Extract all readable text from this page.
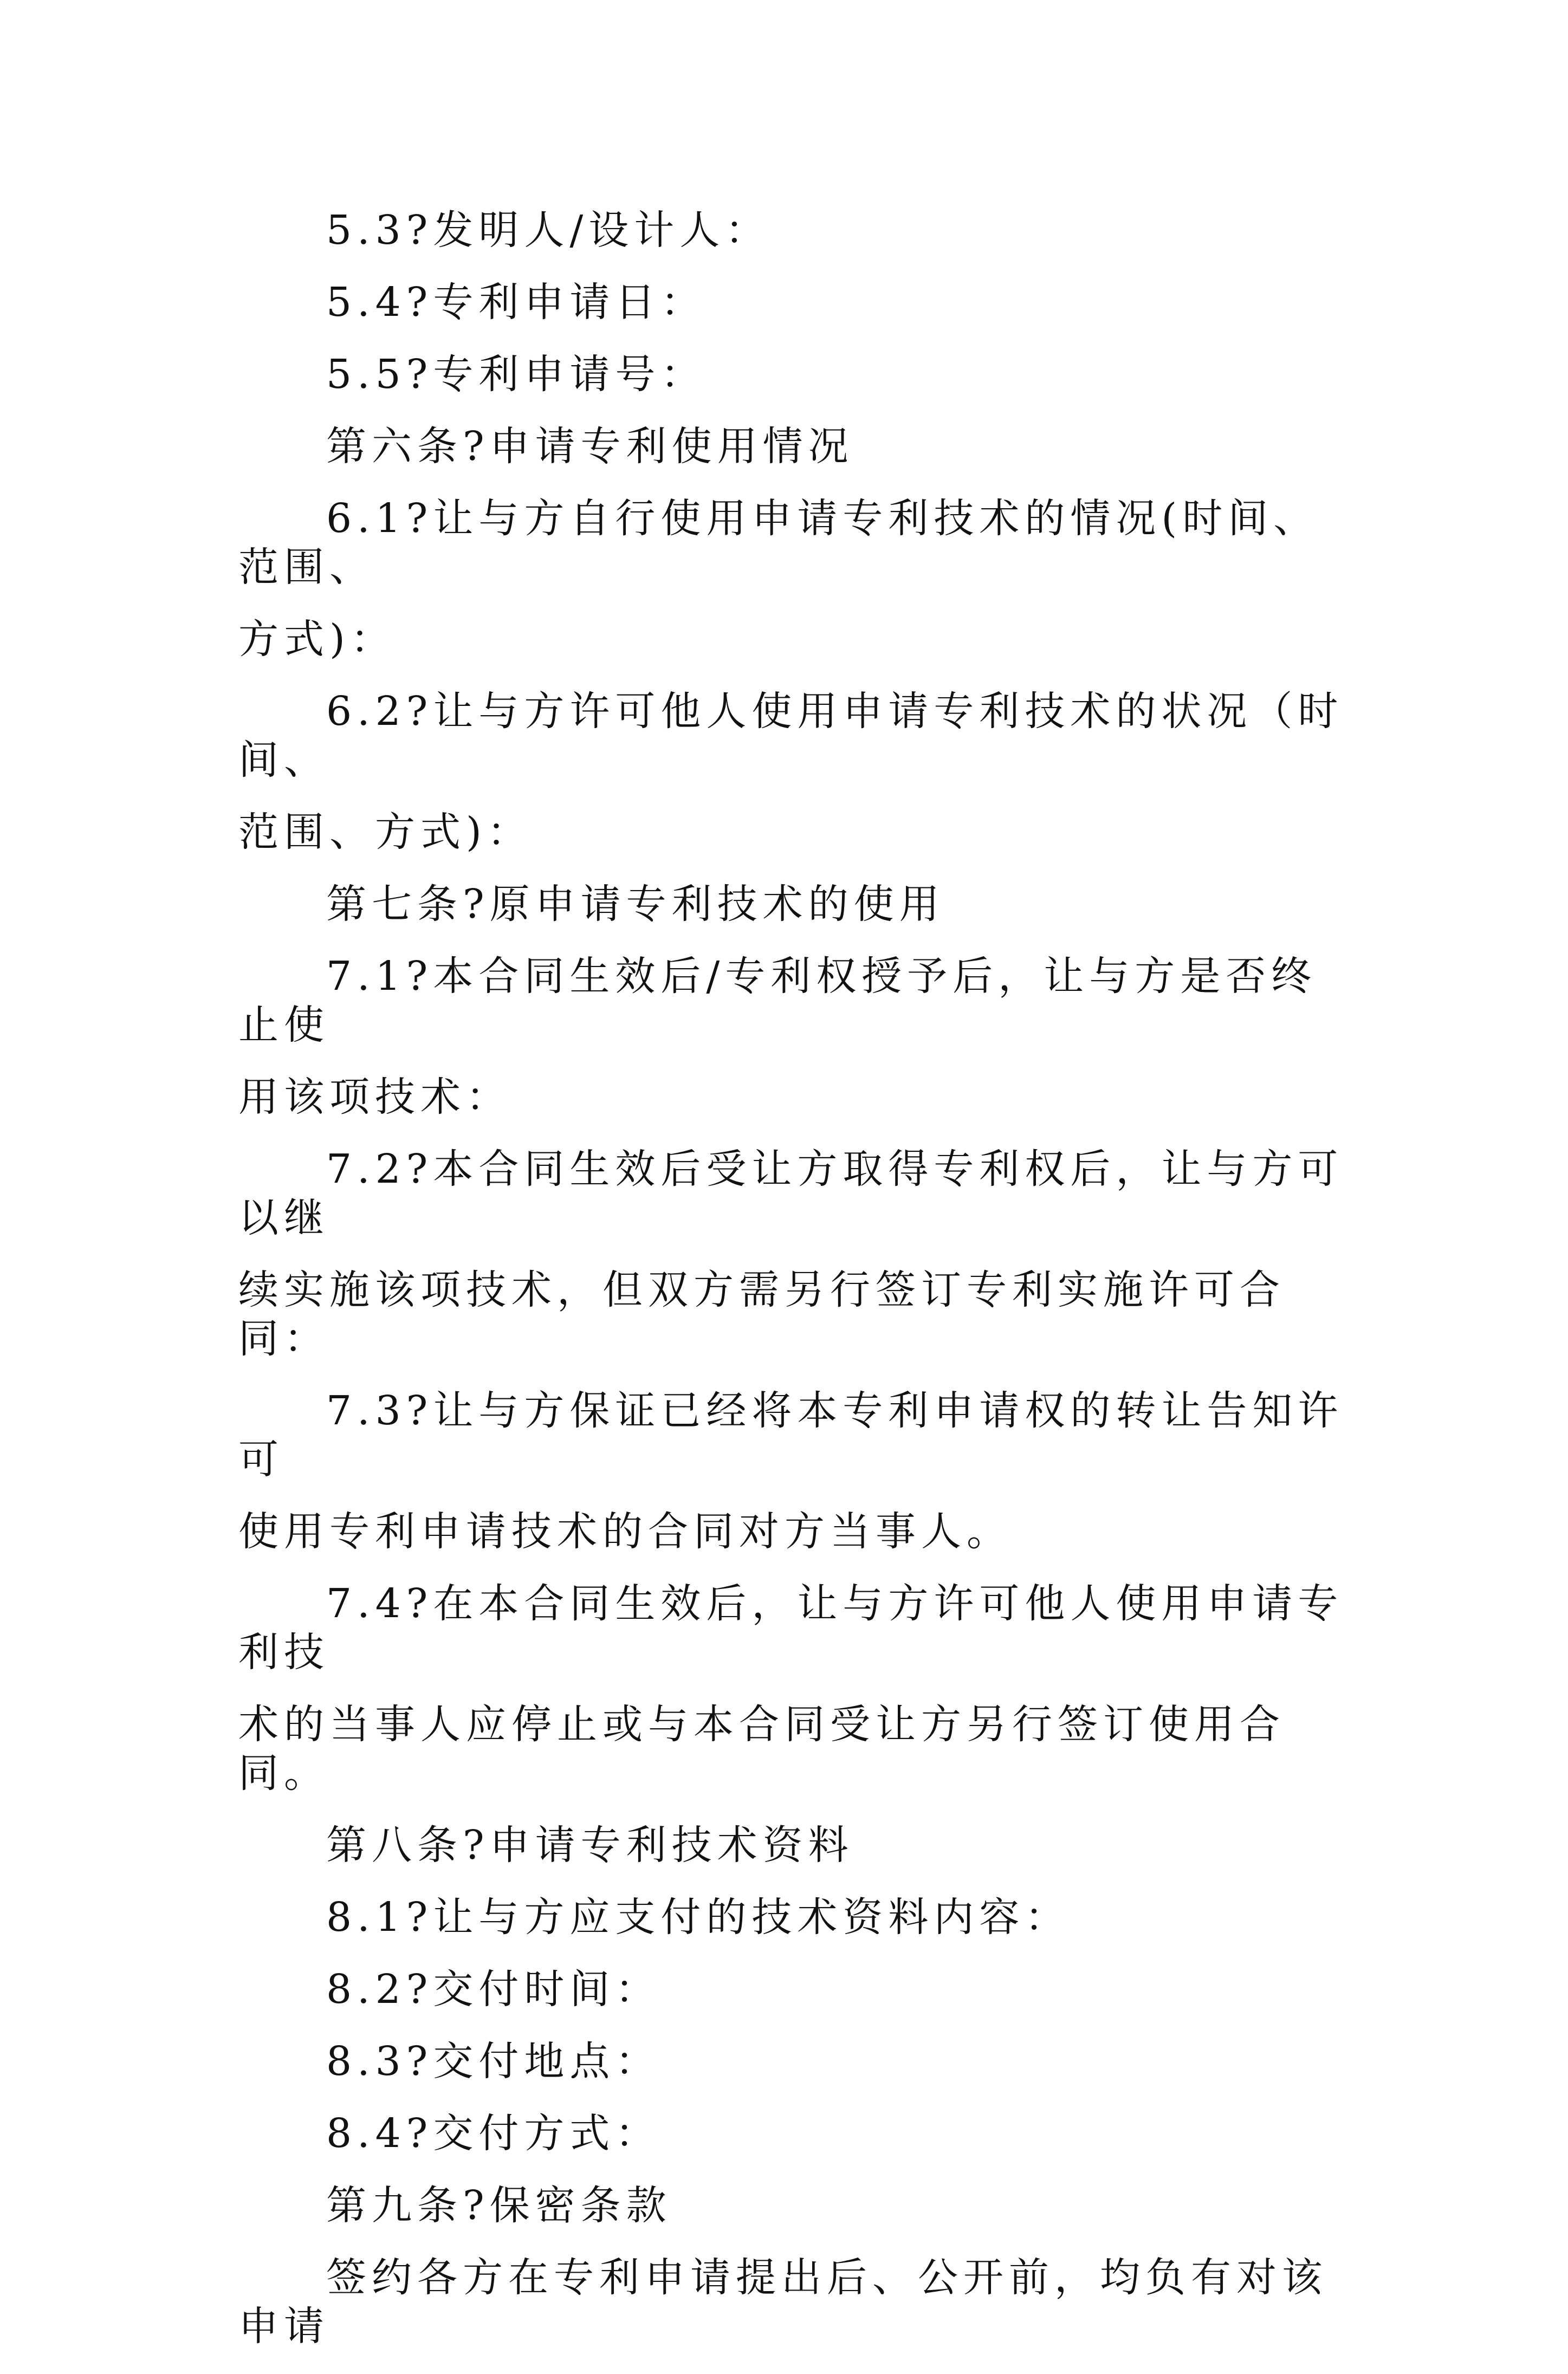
5.3?发明人/设计人：

5.4?专利申请日：

5.5?专利申请号：

第六条?申请专利使用情况

6.1?让与方自行使用申请专利技术的情况(时间、范围、

方式)：

6.2?让与方许可他人使用申请专利技术的状况（时间、

范围、方式)：

第七条?原申请专利技术的使用

7.1?本合同生效后/专利权授予后，让与方是否终止使

用该项技术：

7.2?本合同生效后受让方取得专利权后，让与方可以继

续实施该项技术，但双方需另行签订专利实施许可合同：

7.3?让与方保证已经将本专利申请权的转让告知许可

使用专利申请技术的合同对方当事人。

7.4?在本合同生效后，让与方许可他人使用申请专利技

术的当事人应停止或与本合同受让方另行签订使用合同。

第八条?申请专利技术资料

8.1?让与方应支付的技术资料内容：

8.2?交付时间：

8.3?交付地点：

8.4?交付方式：

第九条?保密条款

签约各方在专利申请提出后、公开前，均负有对该申请
